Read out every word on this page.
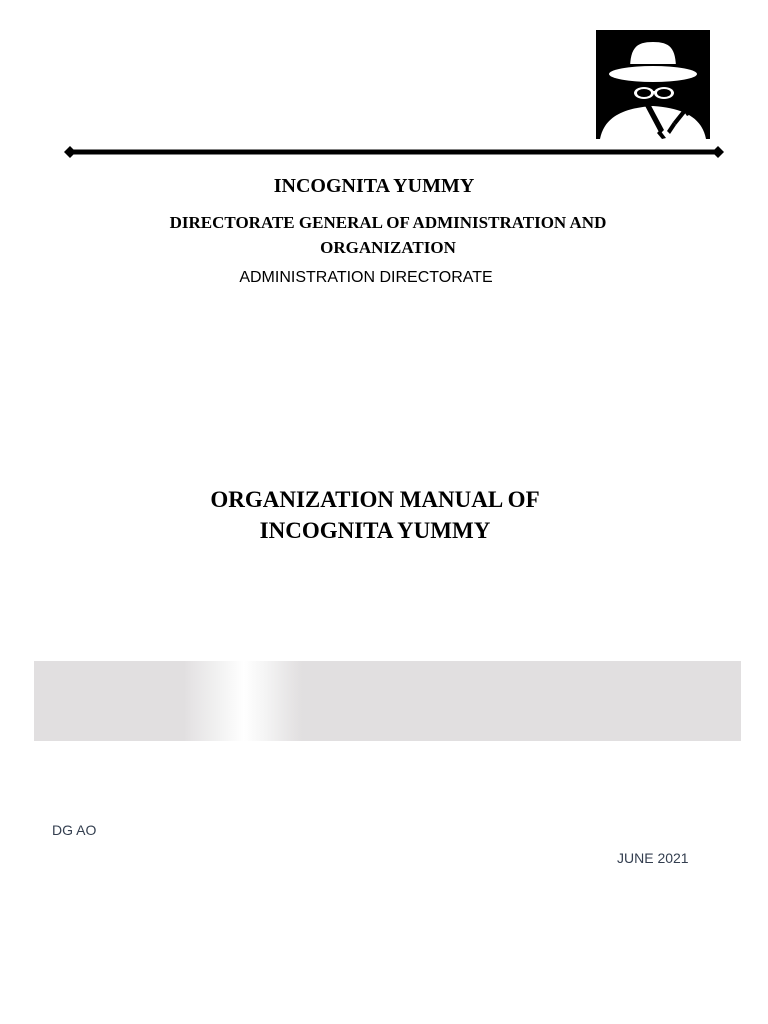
INCOGNITA YUMMY
DIRECTORATE GENERAL OF ADMINISTRATION AND
ORGANIZATION
ADMINISTRATION DIRECTORATE
ORGANIZATION MANUAL OF
INCOGNITA YUMMY
DG AO
JUNE 2021
